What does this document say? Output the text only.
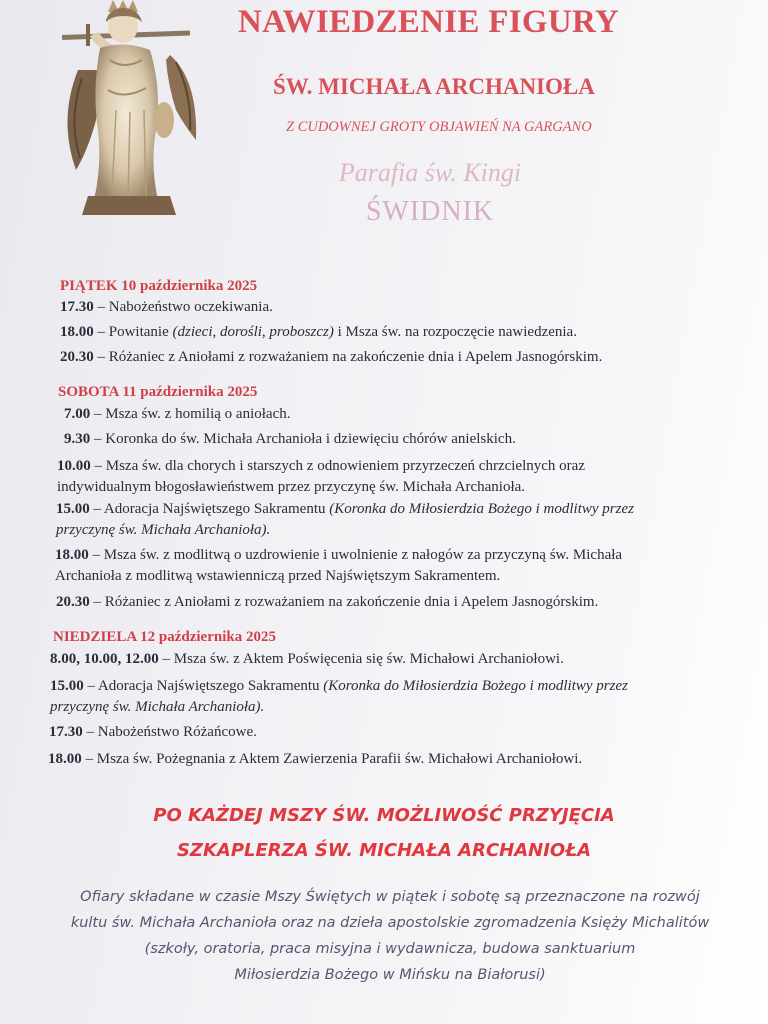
NAWIEDZENIE FIGURY
ŚW. MICHAŁA ARCHANIOŁA
Z CUDOWNEJ GROTY OBJAWIEŃ NA GARGANO
Parafia św. Kingi
ŚWIDNIK
PIĄTEK 10 października 2025
17.30 – Nabożeństwo oczekiwania.
18.00 – Powitanie (dzieci, dorośli, proboszcz) i Msza św. na rozpoczęcie nawiedzenia.
20.30 – Różaniec z Aniołami z rozważaniem na zakończenie dnia i Apelem Jasnogórskim.
SOBOTA 11 października 2025
7.00 – Msza św. z homilią o aniołach.
9.30 – Koronka do św. Michała Archanioła i dziewięciu chórów anielskich.
10.00 – Msza św. dla chorych i starszych z odnowieniem przyrzeczeń chrzcielnych oraz
indywidualnym błogosławieństwem przez przyczynę św. Michała Archanioła.
15.00 – Adoracja Najświętszego Sakramentu (Koronka do Miłosierdzia Bożego i modlitwy przez
przyczynę św. Michała Archanioła).
18.00 – Msza św. z modlitwą o uzdrowienie i uwolnienie z nałogów za przyczyną św. Michała
Archanioła z modlitwą wstawienniczą przed Najświętszym Sakramentem.
20.30 – Różaniec z Aniołami z rozważaniem na zakończenie dnia i Apelem Jasnogórskim.
NIEDZIELA 12 października 2025
8.00, 10.00, 12.00 – Msza św. z Aktem Poświęcenia się św. Michałowi Archaniołowi.
15.00 – Adoracja Najświętszego Sakramentu (Koronka do Miłosierdzia Bożego i modlitwy przez
przyczynę św. Michała Archanioła).
17.30 – Nabożeństwo Różańcowe.
18.00 – Msza św. Pożegnania z Aktem Zawierzenia Parafii św. Michałowi Archaniołowi.
PO KAŻDEJ MSZY ŚW. MOŻLIWOŚĆ PRZYJĘCIA
SZKAPLERZA ŚW. MICHAŁA ARCHANIOŁA
Ofiary składane w czasie Mszy Świętych w piątek i sobotę są przeznaczone na rozwój
kultu św. Michała Archanioła oraz na dzieła apostolskie zgromadzenia Księży Michalitów
(szkoły, oratoria, praca misyjna i wydawnicza, budowa sanktuarium
Miłosierdzia Bożego w Mińsku na Białorusi)
